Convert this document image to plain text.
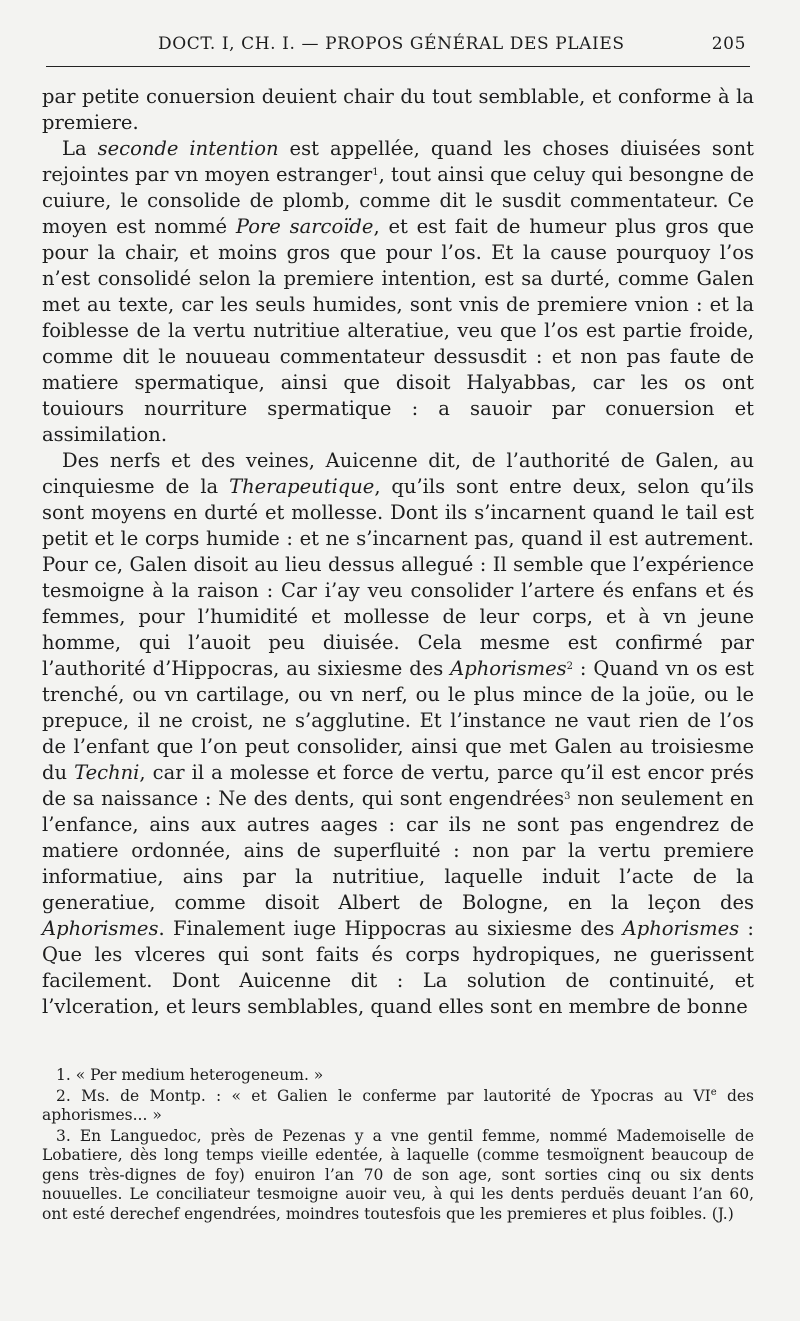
DOCT. I, CH. I. — PROPOS GÉNÉRAL DES PLAIES	205

par petite conuersion deuient chair du tout semblable, et conforme à la premiere.

La seconde intention est appellée, quand les choses diuisées sont rejointes par vn moyen estranger$^1$, tout ainsi que celuy qui besongne de cuiure, le consolide de plomb, comme dit le susdit commentateur. Ce moyen est nommé Pore sarcoïde, et est fait de humeur plus gros que pour la chair, et moins gros que pour l’os. Et la cause pourquoy l’os n’est consolidé selon la premiere intention, est sa durté, comme Galen met au texte, car les seuls humides, sont vnis de premiere vnion : et la foiblesse de la vertu nutritiue alteratiue, veu que l’os est partie froide, comme dit le nouueau commentateur dessusdit : et non pas faute de matiere spermatique, ainsi que disoit Halyabbas, car les os ont touiours nourriture spermatique : a sauoir par conuersion et assimilation.

Des nerfs et des veines, Auicenne dit, de l’authorité de Galen, au cinquiesme de la Therapeutique, qu’ils sont entre deux, selon qu’ils sont moyens en durté et mollesse. Dont ils s’incarnent quand le tail est petit et le corps humide : et ne s’incarnent pas, quand il est autrement. Pour ce, Galen disoit au lieu dessus allegué : Il semble que l’expérience tesmoigne à la raison : Car i’ay veu consolider l’artere és enfans et és femmes, pour l’humidité et mollesse de leur corps, et à vn jeune homme, qui l’auoit peu diuisée. Cela mesme est confirmé par l’authorité d’Hippocras, au sixiesme des Aphorismes$^2$ : Quand vn os est trenché, ou vn cartilage, ou vn nerf, ou le plus mince de la joüe, ou le prepuce, il ne croist, ne s’agglutine. Et l’instance ne vaut rien de l’os de l’enfant que l’on peut consolider, ainsi que met Galen au troisiesme du Techni, car il a molesse et force de vertu, parce qu’il est encor prés de sa naissance : Ne des dents, qui sont engendrées$^3$ non seulement en l’enfance, ains aux autres aages : car ils ne sont pas engendrez de matiere ordonnée, ains de superfluité : non par la vertu premiere informatiue, ains par la nutritiue, laquelle induit l’acte de la generatiue, comme disoit Albert de Bologne, en la leçon des Aphorismes. Finalement iuge Hippocras au sixiesme des Aphorismes : Que les vlceres qui sont faits és corps hydropiques, ne guerissent facilement. Dont Auicenne dit : La solution de continuité, et l’vlceration, et leurs semblables, quand elles sont en membre de bonne

1. « Per medium heterogeneum. »

2. Ms. de Montp. : « et Galien le conferme par lautorité de Ypocras au VIe des aphorismes... »

3. En Languedoc, près de Pezenas y a vne gentil femme, nommé Mademoiselle de Lobatiere, dès long temps vieille edentée, à laquelle (comme tesmoïgnent beaucoup de gens très-dignes de foy) enuiron l’an 70 de son age, sont sorties cinq ou six dents nouuelles. Le conciliateur tesmoigne auoir veu, à qui les dents perduës deuant l’an 60, ont esté derechef engendrées, moindres toutesfois que les premieres et plus foibles. (J.)
